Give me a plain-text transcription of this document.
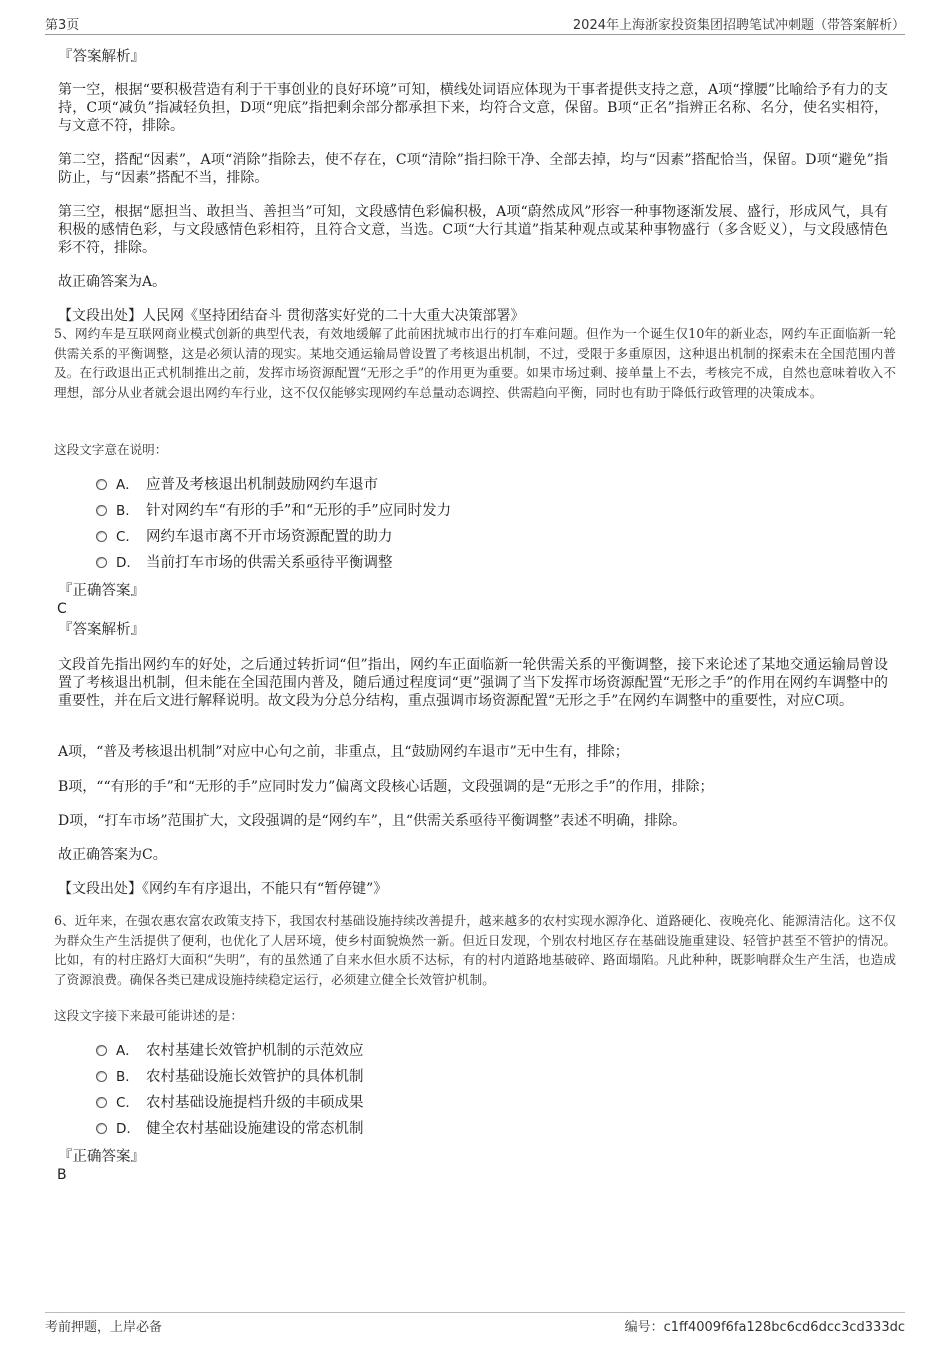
第3页	2024年上海浙家投资集团招聘笔试冲刺题（带答案解析）
『答案解析』
第一空，根据“要积极营造有利于干事创业的良好环境”可知，横线处词语应体现为干事者提供支持之意，A项“撑腰”比喻给予有力的支持，C项“减负”指减轻负担，D项“兜底”指把剩余部分都承担下来，均符合文意，保留。B项“正名”指辨正名称、名分，使名实相符，与文意不符，排除。
第二空，搭配“因素”，A项“消除”指除去，使不存在，C项“清除”指扫除干净、全部去掉，均与“因素”搭配恰当，保留。D项“避免”指防止，与“因素”搭配不当，排除。
第三空，根据“愿担当、敢担当、善担当”可知，文段感情色彩偏积极，A项“蔚然成风”形容一种事物逐渐发展、盛行，形成风气，具有积极的感情色彩，与文段感情色彩相符，且符合文意，当选。C项“大行其道”指某种观点或某种事物盛行（多含贬义），与文段感情色彩不符，排除。
故正确答案为A。
【文段出处】人民网《坚持团结奋斗 贯彻落实好党的二十大重大决策部署》
5、网约车是互联网商业模式创新的典型代表，有效地缓解了此前困扰城市出行的打车难问题。但作为一个诞生仅10年的新业态，网约车正面临新一轮供需关系的平衡调整，这是必须认清的现实。某地交通运输局曾设置了考核退出机制，不过，受限于多重原因，这种退出机制的探索未在全国范围内普及。在行政退出正式机制推出之前，发挥市场资源配置“无形之手”的作用更为重要。如果市场过剩、接单量上不去，考核完不成，自然也意味着收入不理想，部分从业者就会退出网约车行业，这不仅仅能够实现网约车总量动态调控、供需趋向平衡，同时也有助于降低行政管理的决策成本。
这段文字意在说明：
A． 应普及考核退出机制鼓励网约车退市
B. 针对网约车“有形的手”和“无形的手”应同时发力
C. 网约车退市离不开市场资源配置的助力
D. 当前打车市场的供需关系亟待平衡调整
『正确答案』
C
『答案解析』
文段首先指出网约车的好处，之后通过转折词“但”指出，网约车正面临新一轮供需关系的平衡调整，接下来论述了某地交通运输局曾设置了考核退出机制，但未能在全国范围内普及，随后通过程度词“更”强调了当下发挥市场资源配置“无形之手”的作用在网约车调整中的重要性，并在后文进行解释说明。故文段为分总分结构，重点强调市场资源配置“无形之手”在网约车调整中的重要性，对应C项。
A项，“普及考核退出机制”对应中心句之前，非重点，且“鼓励网约车退市”无中生有，排除；
B项，““有形的手”和“无形的手”应同时发力”偏离文段核心话题，文段强调的是“无形之手”的作用，排除；
D项，“打车市场”范围扩大，文段强调的是“网约车”，且“供需关系亟待平衡调整”表述不明确，排除。
故正确答案为C。
【文段出处】《网约车有序退出，不能只有“暂停键”》
6、近年来，在强农惠农富农政策支持下，我国农村基础设施持续改善提升，越来越多的农村实现水源净化、道路硬化、夜晚亮化、能源清洁化。这不仅为群众生产生活提供了便利，也优化了人居环境，使乡村面貌焕然一新。但近日发现，个别农村地区存在基础设施重建设、轻管护甚至不管护的情况。比如，有的村庄路灯大面积“失明”，有的虽然通了自来水但水质不达标，有的村内道路地基破碎、路面塌陷。凡此种种，既影响群众生产生活，也造成了资源浪费。确保各类已建成设施持续稳定运行，必须建立健全长效管护机制。
这段文字接下来最可能讲述的是：
A． 农村基建长效管护机制的示范效应
B. 农村基础设施长效管护的具体机制
C. 农村基础设施提档升级的丰硕成果
D. 健全农村基础设施建设的常态机制
『正确答案』
B
考前押题，上岸必备	编号：c1ff4009f6fa128bc6cd6dcc3cd333dc
